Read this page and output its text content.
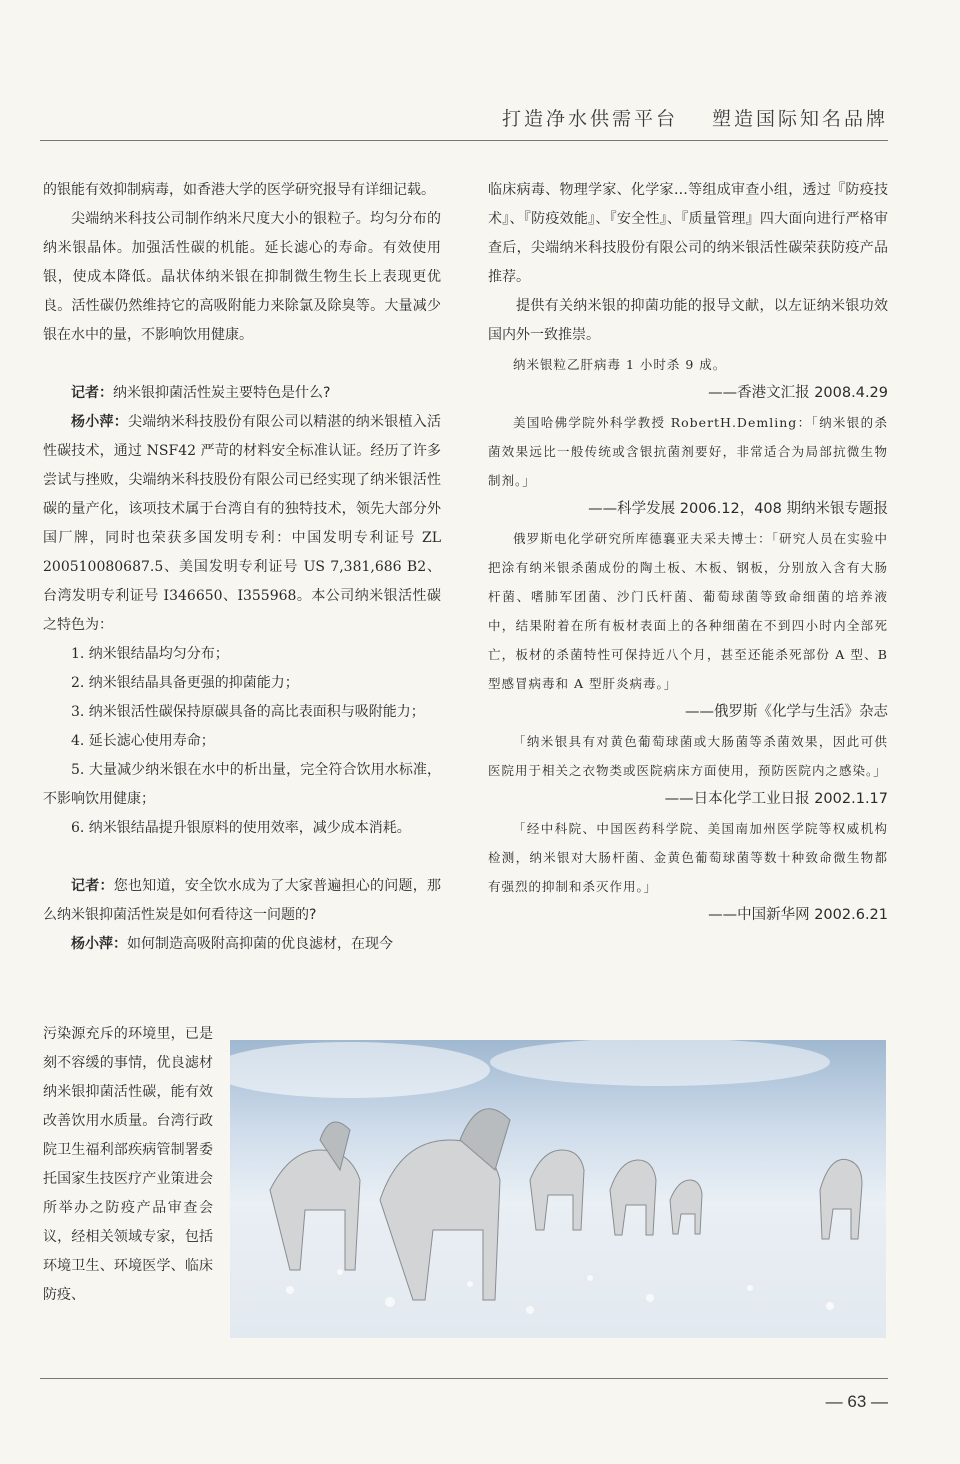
打造净水供需平台 塑造国际知名品牌

的银能有效抑制病毒，如香港大学的医学研究报导有详细记载。

尖端纳米科技公司制作纳米尺度大小的银粒子。均匀分布的纳米银晶体。加强活性碳的机能。延长滤心的寿命。有效使用银，使成本降低。晶状体纳米银在抑制微生物生长上表现更优良。活性碳仍然维持它的高吸附能力来除氯及除臭等。大量减少银在水中的量，不影响饮用健康。

记者：纳米银抑菌活性炭主要特色是什么?

杨小萍：尖端纳米科技股份有限公司以精湛的纳米银植入活性碳技术，通过 NSF42 严苛的材料安全标准认证。经历了许多尝试与挫败，尖端纳米科技股份有限公司已经实现了纳米银活性碳的量产化，该项技术属于台湾自有的独特技术，领先大部分外国厂牌，同时也荣获多国发明专利：中国发明专利证号 ZL 200510080687.5、美国发明专利证号 US 7,381,686 B2、台湾发明专利证号 I346650、I355968。本公司纳米银活性碳之特色为：

1. 纳米银结晶均匀分布；

2. 纳米银结晶具备更强的抑菌能力；

3. 纳米银活性碳保持原碳具备的高比表面积与吸附能力；

4. 延长滤心使用寿命；

5. 大量减少纳米银在水中的析出量，完全符合饮用水标准，不影响饮用健康；

6. 纳米银结晶提升银原料的使用效率，减少成本消耗。

记者：您也知道，安全饮水成为了大家普遍担心的问题，那么纳米银抑菌活性炭是如何看待这一问题的?

杨小萍：如何制造高吸附高抑菌的优良滤材，在现今

污染源充斥的环境里，已是刻不容缓的事情，优良滤材纳米银抑菌活性碳，能有效改善饮用水质量。台湾行政院卫生福利部疾病管制署委托国家生技医疗产业策进会所举办之防疫产品审查会议，经相关领域专家，包括环境卫生、环境医学、临床防疫、

临床病毒、物理学家、化学家…等组成审查小组，透过『防疫技术』、『防疫效能』、『安全性』、『质量管理』四大面向进行严格审查后，尖端纳米科技股份有限公司的纳米银活性碳荣获防疫产品推荐。

提供有关纳米银的抑菌功能的报导文献，以左证纳米银功效国内外一致推崇。

纳米银粒乙肝病毒 1 小时杀 9 成。

——香港文汇报 2008.4.29

美国哈佛学院外科学教授 RobertH.Demling：「纳米银的杀菌效果远比一般传统或含银抗菌剂要好，非常适合为局部抗微生物制剂。」

——科学发展 2006.12，408 期纳米银专题报

俄罗斯电化学研究所库德襄亚夫采夫博士：「研究人员在实验中把涂有纳米银杀菌成份的陶土板、木板、钢板，分别放入含有大肠杆菌、嗜肺军团菌、沙门氏杆菌、葡萄球菌等致命细菌的培养液中，结果附着在所有板材表面上的各种细菌在不到四小时内全部死亡，板材的杀菌特性可保持近八个月，甚至还能杀死部份 A 型、B 型感冒病毒和 A 型肝炎病毒。」

——俄罗斯《化学与生活》杂志

「纳米银具有对黄色葡萄球菌或大肠菌等杀菌效果，因此可供医院用于相关之衣物类或医院病床方面使用，预防医院内之感染。」

——日本化学工业日报 2002.1.17

「经中科院、中国医药科学院、美国南加州医学院等权威机构检测，纳米银对大肠杆菌、金黄色葡萄球菌等数十种致命微生物都有强烈的抑制和杀灭作用。」

——中国新华网 2002.6.21

— 63 —
